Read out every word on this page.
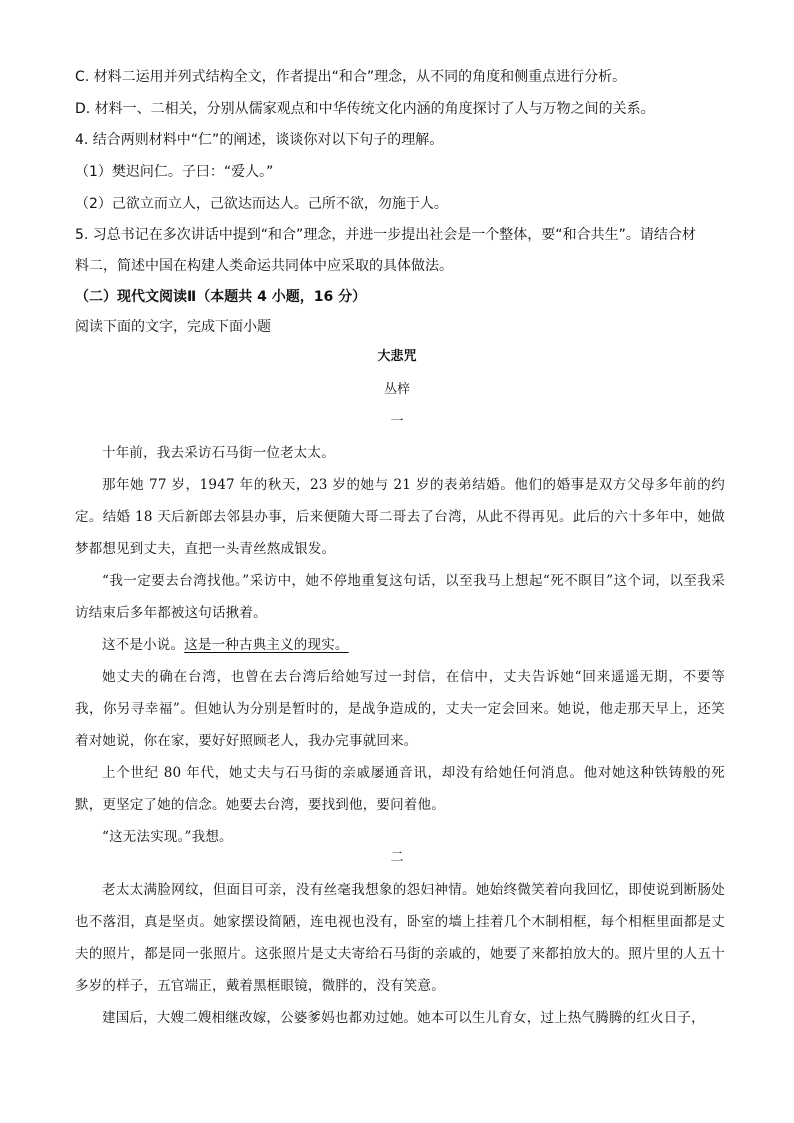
C. 材料二运用并列式结构全文，作者提出“和合”理念，从不同的角度和侧重点进行分析。
D. 材料一、二相关，分别从儒家观点和中华传统文化内涵的角度探讨了人与万物之间的关系。
4. 结合两则材料中“仁”的阐述，谈谈你对以下句子的理解。
（1）樊迟问仁。子曰：“爱人。”
（2）己欲立而立人，己欲达而达人。己所不欲，勿施于人。
5. 习总书记在多次讲话中提到“和合”理念，并进一步提出社会是一个整体，要“和合共生”。请结合材
料二，简述中国在构建人类命运共同体中应采取的具体做法。
（二）现代文阅读Ⅱ（本题共 4 小题，16 分）
阅读下面的文字，完成下面小题
大悲咒
丛梓
一

十年前，我去采访石马街一位老太太。

那年她 77 岁，1947 年的秋天，23 岁的她与 21 岁的表弟结婚。他们的婚事是双方父母多年前的约定。结婚 18 天后新郎去邻县办事，后来便随大哥二哥去了台湾，从此不得再见。此后的六十多年中，她做梦都想见到丈夫，直把一头青丝熬成银发。

“我一定要去台湾找他。”采访中，她不停地重复这句话，以至我马上想起“死不瞑目”这个词，以至我采访结束后多年都被这句话揪着。

这不是小说。这是一种古典主义的现实。

她丈夫的确在台湾，也曾在去台湾后给她写过一封信，在信中，丈夫告诉她“回来遥遥无期，不要等我，你另寻幸福”。但她认为分别是暂时的，是战争造成的，丈夫一定会回来。她说，他走那天早上，还笑着对她说，你在家，要好好照顾老人，我办完事就回来。

上个世纪 80 年代，她丈夫与石马街的亲戚屡通音讯，却没有给她任何消息。他对她这种铁铸般的死默，更坚定了她的信念。她要去台湾，要找到他，要问着他。

“这无法实现。”我想。

二

老太太满脸网纹，但面目可亲，没有丝毫我想象的怨妇神情。她始终微笑着向我回忆，即使说到断肠处也不落泪，真是坚贞。她家摆设简陋，连电视也没有，卧室的墙上挂着几个木制相框，每个相框里面都是丈夫的照片，都是同一张照片。这张照片是丈夫寄给石马街的亲戚的，她要了来都拍放大的。照片里的人五十多岁的样子，五官端正，戴着黑框眼镜，微胖的，没有笑意。

建国后，大嫂二嫂相继改嫁，公婆爹妈也都劝过她。她本可以生儿育女，过上热气腾腾的红火日子，
